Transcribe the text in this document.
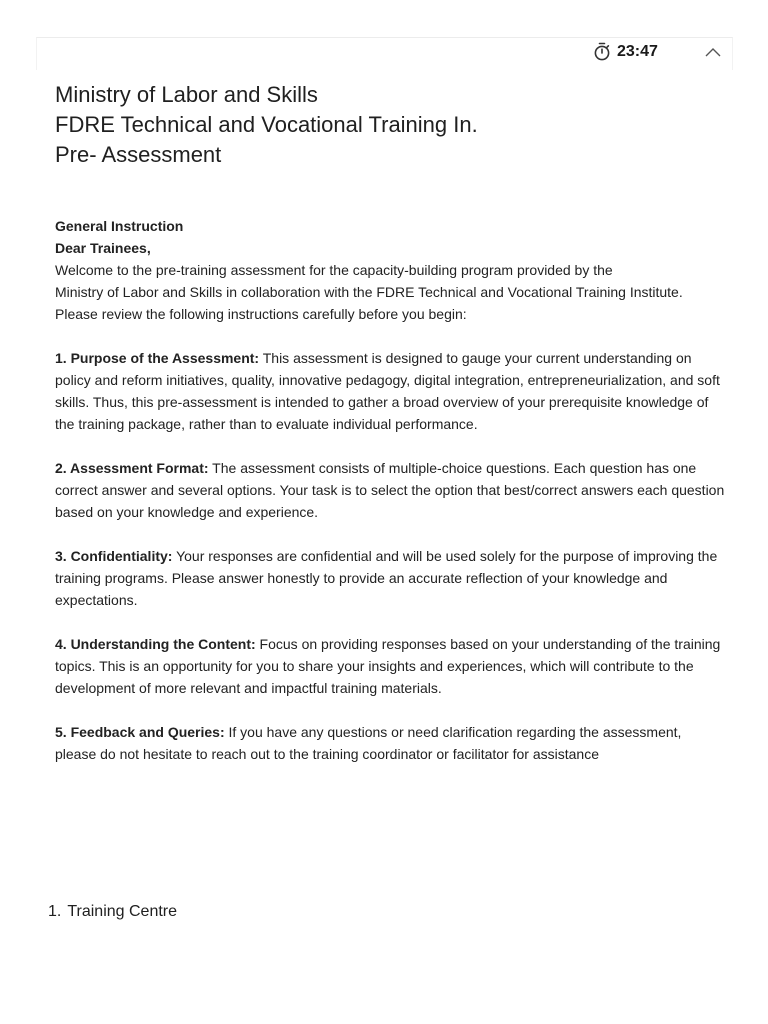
23:47
Ministry of Labor and Skills
FDRE Technical and Vocational Training In.
Pre- Assessment

General Instruction

Dear Trainees,

Welcome to the pre-training assessment for the capacity-building program provided by the

Ministry of Labor and Skills in collaboration with the FDRE Technical and Vocational Training Institute.

Please review the following instructions carefully before you begin:

1. Purpose of the Assessment: This assessment is designed to gauge your current understanding on policy and reform initiatives, quality, innovative pedagogy, digital integration, entrepreneurialization, and soft skills. Thus, this pre-assessment is intended to gather a broad overview of your prerequisite knowledge of the training package, rather than to evaluate individual performance.

2. Assessment Format: The assessment consists of multiple-choice questions. Each question has one correct answer and several options. Your task is to select the option that best/correct answers each question based on your knowledge and experience.

3. Confidentiality: Your responses are confidential and will be used solely for the purpose of improving the training programs. Please answer honestly to provide an accurate reflection of your knowledge and expectations.

4. Understanding the Content: Focus on providing responses based on your understanding of the training topics. This is an opportunity for you to share your insights and experiences, which will contribute to the development of more relevant and impactful training materials.

5. Feedback and Queries: If you have any questions or need clarification regarding the assessment, please do not hesitate to reach out to the training coordinator or facilitator for assistance

1. Training Centre
